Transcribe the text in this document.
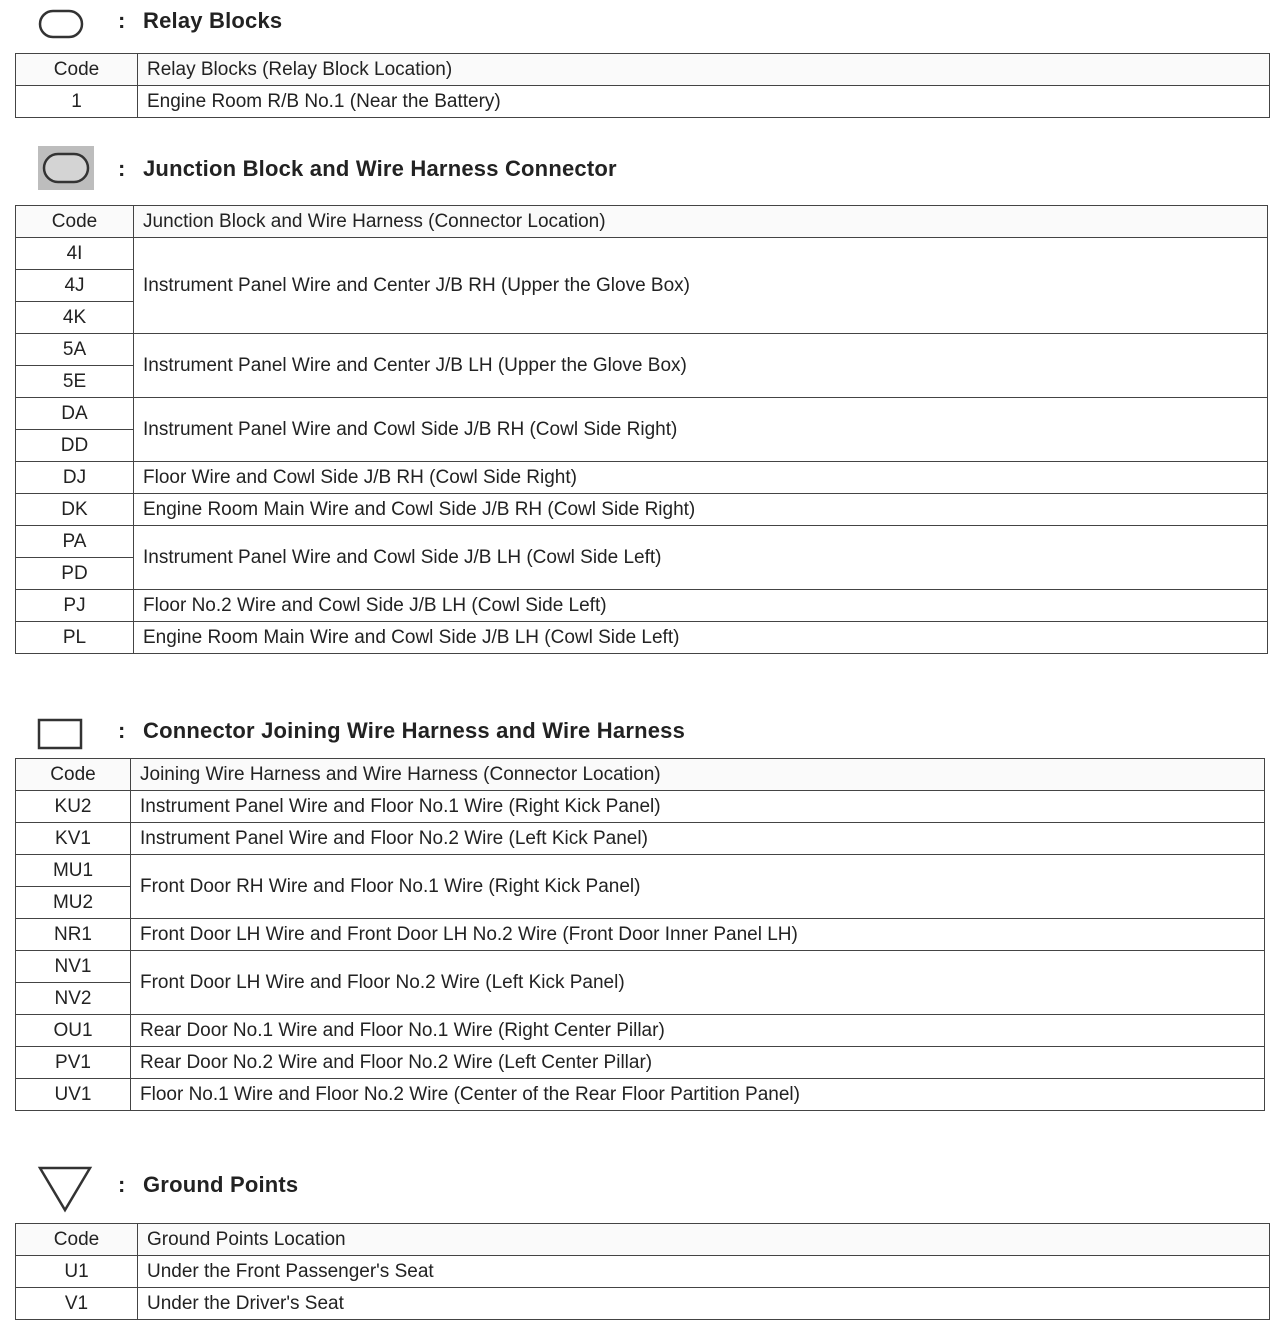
: Relay Blocks
Code	Relay Blocks (Relay Block Location)
1	Engine Room R/B No.1 (Near the Battery)
: Junction Block and Wire Harness Connector
Code	Junction Block and Wire Harness (Connector Location)
4I	Instrument Panel Wire and Center J/B RH (Upper the Glove Box)
4J	
4K	
5A	Instrument Panel Wire and Center J/B LH (Upper the Glove Box)
5E	
DA	Instrument Panel Wire and Cowl Side J/B RH (Cowl Side Right)
DD	
DJ	Floor Wire and Cowl Side J/B RH (Cowl Side Right)
DK	Engine Room Main Wire and Cowl Side J/B RH (Cowl Side Right)
PA	Instrument Panel Wire and Cowl Side J/B LH (Cowl Side Left)
PD	
PJ	Floor No.2 Wire and Cowl Side J/B LH (Cowl Side Left)
PL	Engine Room Main Wire and Cowl Side J/B LH (Cowl Side Left)
: Connector Joining Wire Harness and Wire Harness
Code	Joining Wire Harness and Wire Harness (Connector Location)
KU2	Instrument Panel Wire and Floor No.1 Wire (Right Kick Panel)
KV1	Instrument Panel Wire and Floor No.2 Wire (Left Kick Panel)
MU1	Front Door RH Wire and Floor No.1 Wire (Right Kick Panel)
MU2	
NR1	Front Door LH Wire and Front Door LH No.2 Wire (Front Door Inner Panel LH)
NV1	Front Door LH Wire and Floor No.2 Wire (Left Kick Panel)
NV2	
OU1	Rear Door No.1 Wire and Floor No.1 Wire (Right Center Pillar)
PV1	Rear Door No.2 Wire and Floor No.2 Wire (Left Center Pillar)
UV1	Floor No.1 Wire and Floor No.2 Wire (Center of the Rear Floor Partition Panel)
: Ground Points
Code	Ground Points Location
U1	Under the Front Passenger's Seat
V1	Under the Driver's Seat
